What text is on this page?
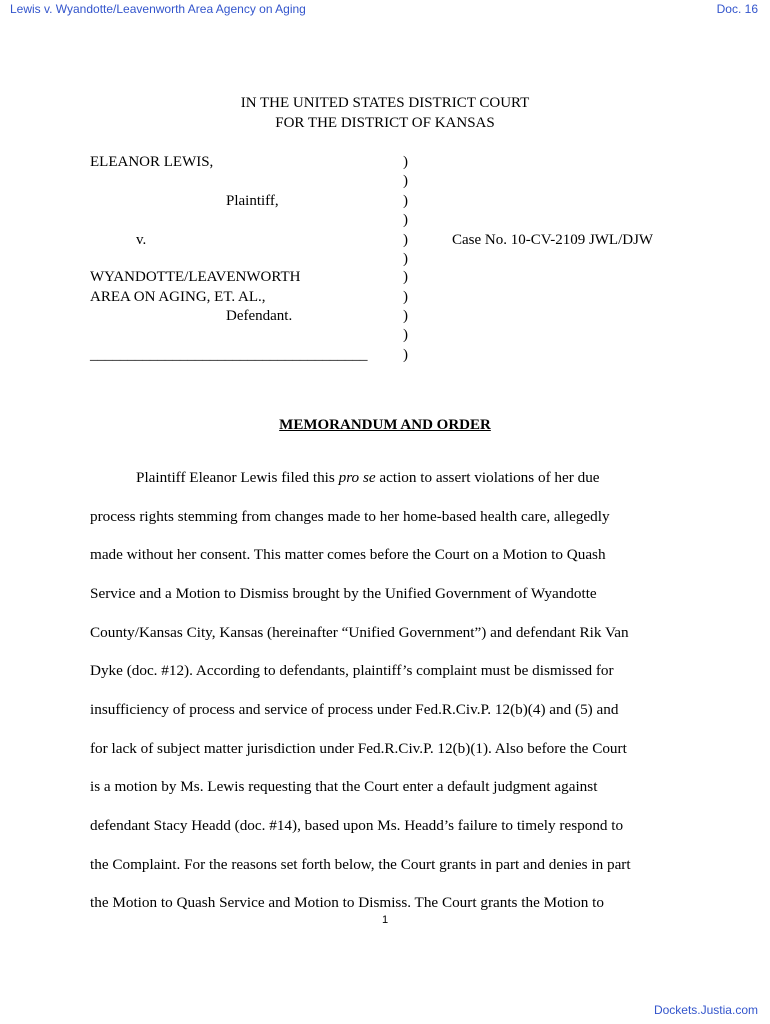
Lewis v. Wyandotte/Leavenworth Area Agency on Aging	Doc. 16
IN THE UNITED STATES DISTRICT COURT
FOR THE DISTRICT OF KANSAS
ELEANOR LEWIS,
Plaintiff,
v.
WYANDOTTE/LEAVENWORTH
AREA ON AGING, ET. AL.,
Defendant.
_____________________________________
)
)
)
)
)
)
)
)
)
)
)
Case No. 10-CV-2109 JWL/DJW
MEMORANDUM AND ORDER
Plaintiff Eleanor Lewis filed this pro se action to assert violations of her due
process rights stemming from changes made to her home-based health care, allegedly
made without her consent. This matter comes before the Court on a Motion to Quash
Service and a Motion to Dismiss brought by the Unified Government of Wyandotte
County/Kansas City, Kansas (hereinafter “Unified Government”) and defendant Rik Van
Dyke (doc. #12). According to defendants, plaintiff’s complaint must be dismissed for
insufficiency of process and service of process under Fed.R.Civ.P. 12(b)(4) and (5) and
for lack of subject matter jurisdiction under Fed.R.Civ.P. 12(b)(1). Also before the Court
is a motion by Ms. Lewis requesting that the Court enter a default judgment against
defendant Stacy Headd (doc. #14), based upon Ms. Headd’s failure to timely respond to
the Complaint. For the reasons set forth below, the Court grants in part and denies in part
the Motion to Quash Service and Motion to Dismiss. The Court grants the Motion to
1
Dockets.Justia.com
